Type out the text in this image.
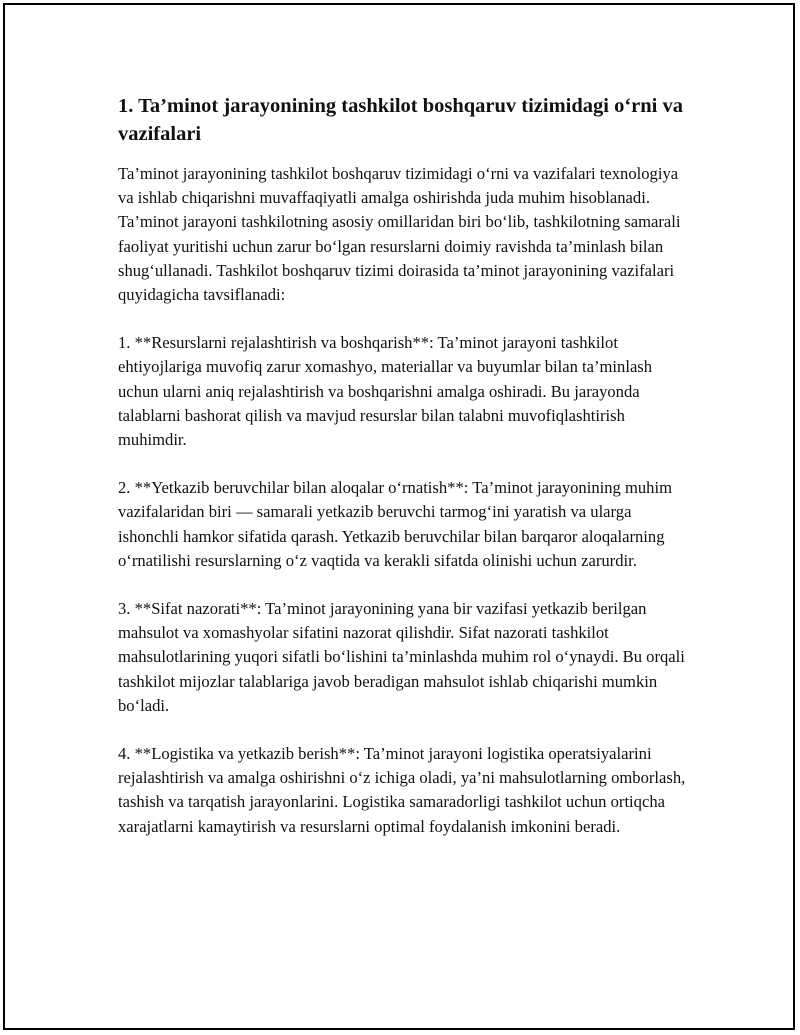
1. Ta’minot jarayonining tashkilot boshqaruv tizimidagi o‘rni va vazifalari

Ta’minot jarayonining tashkilot boshqaruv tizimidagi o‘rni va vazifalari texnologiya va ishlab chiqarishni muvaffaqiyatli amalga oshirishda juda muhim hisoblanadi. Ta’minot jarayoni tashkilotning asosiy omillaridan biri bo‘lib, tashkilotning samarali faoliyat yuritishi uchun zarur bo‘lgan resurslarni doimiy ravishda ta’minlash bilan shug‘ullanadi. Tashkilot boshqaruv tizimi doirasida ta’minot jarayonining vazifalari quyidagicha tavsiflanadi:

1. **Resurslarni rejalashtirish va boshqarish**: Ta’minot jarayoni tashkilot ehtiyojlariga muvofiq zarur xomashyo, materiallar va buyumlar bilan ta’minlash uchun ularni aniq rejalashtirish va boshqarishni amalga oshiradi. Bu jarayonda talablarni bashorat qilish va mavjud resurslar bilan talabni muvofiqlashtirish muhimdir.

2. **Yetkazib beruvchilar bilan aloqalar o‘rnatish**: Ta’minot jarayonining muhim vazifalaridan biri — samarali yetkazib beruvchi tarmog‘ini yaratish va ularga ishonchli hamkor sifatida qarash. Yetkazib beruvchilar bilan barqaror aloqalarning o‘rnatilishi resurslarning o‘z vaqtida va kerakli sifatda olinishi uchun zarurdir.

3. **Sifat nazorati**: Ta’minot jarayonining yana bir vazifasi yetkazib berilgan mahsulot va xomashyolar sifatini nazorat qilishdir. Sifat nazorati tashkilot mahsulotlarining yuqori sifatli bo‘lishini ta’minlashda muhim rol o‘ynaydi. Bu orqali tashkilot mijozlar talablariga javob beradigan mahsulot ishlab chiqarishi mumkin bo‘ladi.

4. **Logistika va yetkazib berish**: Ta’minot jarayoni logistika operatsiyalarini rejalashtirish va amalga oshirishni o‘z ichiga oladi, ya’ni mahsulotlarning omborlash, tashish va tarqatish jarayonlarini. Logistika samaradorligi tashkilot uchun ortiqcha xarajatlarni kamaytirish va resurslarni optimal foydalanish imkonini beradi.
